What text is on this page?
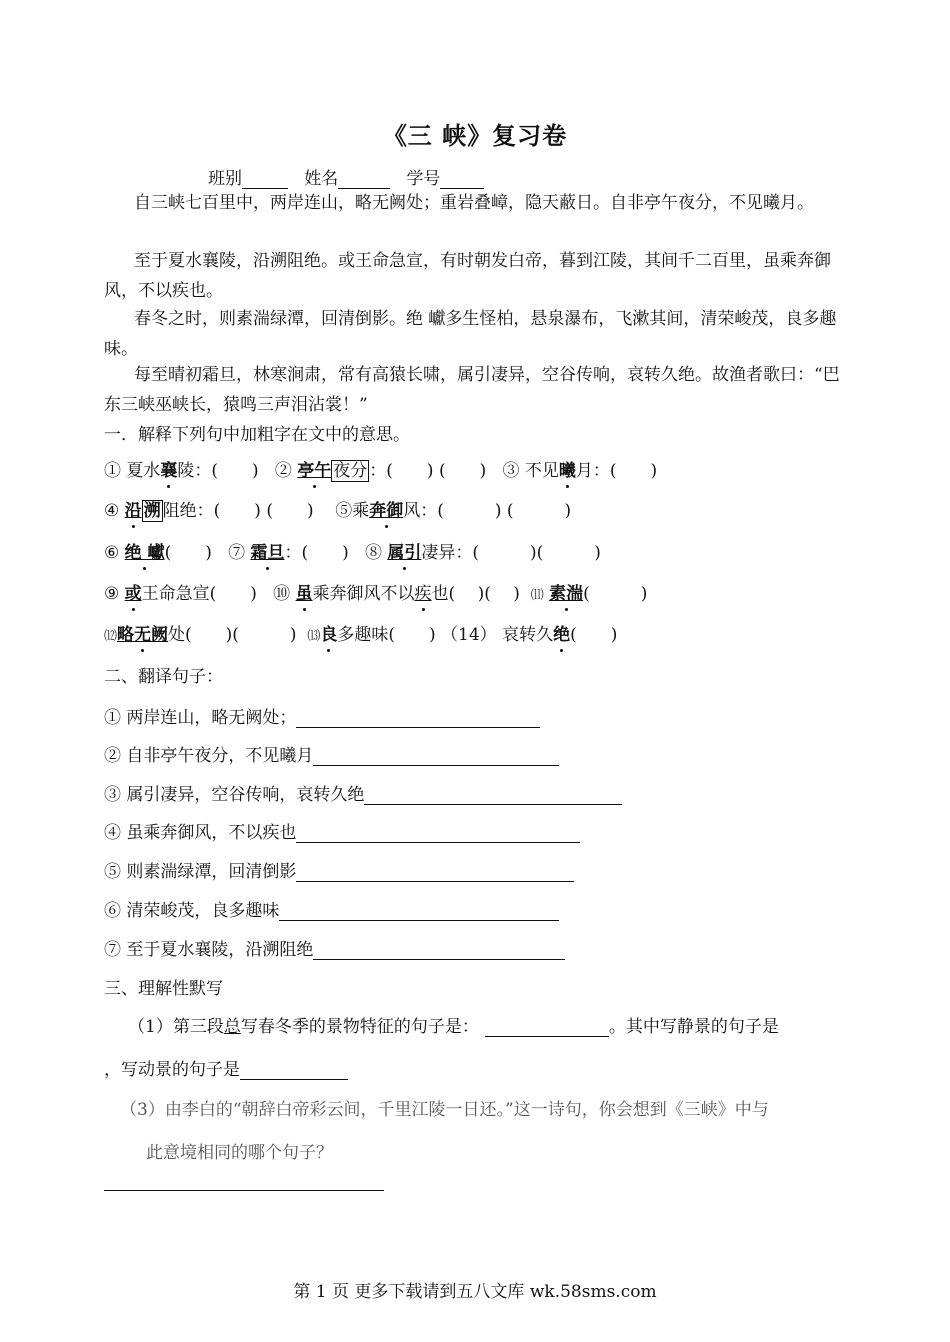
《三 峡》复习卷
班别	姓名	学号
自三峡七百里中，两岸连山，略无阙处；重岩叠嶂，隐天蔽日。自非亭午夜分，不见曦月。
至于夏水襄陵，沿溯阻绝。或王命急宣，有时朝发白帝，暮到江陵，其间千二百里，虽乘奔御风，不以疾也。
春冬之时，则素湍绿潭，回清倒影。绝 巘多生怪柏，悬泉瀑布，飞漱其间，清荣峻茂，良多趣味。
每至晴初霜旦，林寒涧肃，常有高猿长啸，属引凄异，空谷传响，哀转久绝。故渔者歌曰：“巴东三峡巫峡长，猿鸣三声泪沾裳！”
一．解释下列句中加粗字在文中的意思。
① 夏水襄陵：(　　) ② 亭午 夜分 ：(　　) (　　) ③ 不见曦月：(　　)
④ 沿 溯 阻绝：(　　) (　　) ⑤乘奔御风：(　　　) (　　　)
⑥ 绝 巘(　　) ⑦ 霜旦：(　　) ⑧ 属引凄异：(　　　)(　　　)
⑨ 或王命急宣(　　) ⑩ 虽乘奔御风不以疾也(　 )(　 ) ⑾ 素湍(　　　)
⑿略无阙处(　　)(　　　) ⒀良多趣味(　　) （14） 哀转久绝(　　)
二、翻译句子：
① 两岸连山，略无阙处；
② 自非亭午夜分，不见曦月
③ 属引凄异，空谷传响，哀转久绝
④ 虽乘奔御风，不以疾也
⑤ 则素湍绿潭，回清倒影
⑥ 清荣峻茂，良多趣味
⑦ 至于夏水襄陵，沿溯阻绝
三、理解性默写
（1）第三段总写春冬季的景物特征的句子是：	。其中写静景的句子是
，写动景的句子是
（3）由李白的“朝辞白帝彩云间，千里江陵一日还。”这一诗句，你会想到《三峡》中与
此意境相同的哪个句子？
第 1 页 更多下载请到五八文库 wk.58sms.com
